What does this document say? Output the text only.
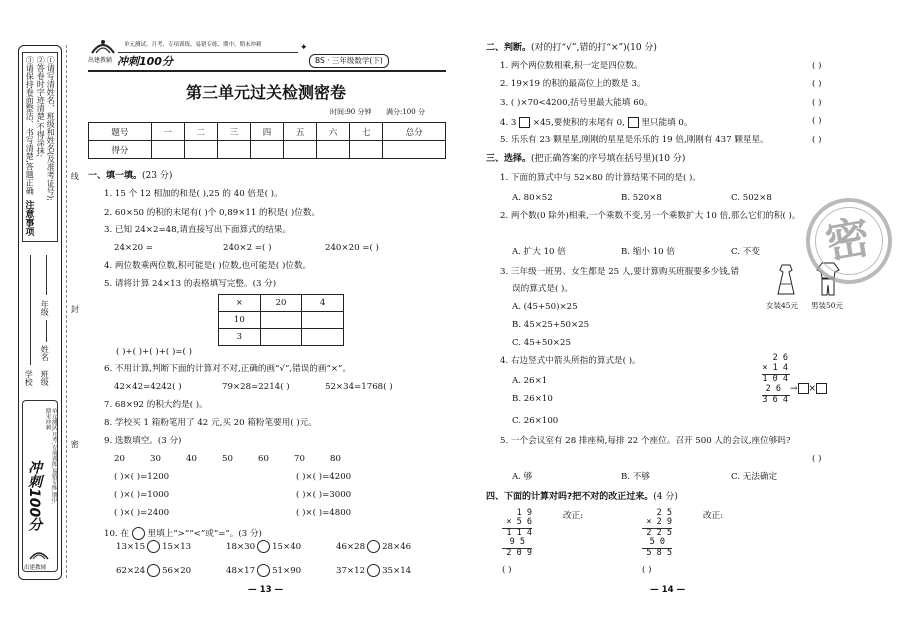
注意事项
①请写清姓名、班级和姓名(及准考证号);
②答卷时字迹清楚,不得涂抹;
③请保持卷面整洁、书写清楚,答题正确	线
封
密
年级
姓名
学校 班级
冲刺100分	单元测试,月考,专项训练,易错专练,期中,期末冲刺
出建教辅
出建教辅 冲刺100分
单元测试、月考、专项训练、易错专练、期中、期末冲刺	✦
BS · 三年级数学(下)
第三单元过关检测密卷
时间:90 分钟 满分:100 分
题号	一	二	三	四	五	六	七	总分
得分								
一、填一填。(23 分)
1. 15 个 12 相加的和是( ),25 的 40 倍是( )。
2. 60×50 的积的末尾有( )个 0,89×11 的积是( )位数。
3. 已知 24×2=48,请直接写出下面算式的结果。
24×20 =	240×2 =( )	240×20 =( )
4. 两位数乘两位数,积可能是( )位数,也可能是( )位数。
5. 请将计算 24×13 的表格填写完整。(3 分)
×	20	4
10		
3		
( )+( )+( )+( )=( )
6. 不用计算,判断下面的计算对不对,正确的画“√”,错误的画“×”。
42×42=4242( )	79×28=2214( )	52×34=1768( )
7. 68×92 的积大约是( )。
8. 学校买 1 箱粉笔用了 42 元,买 20 箱粉笔要用( )元。
9. 选数填空。(3 分)
20	30	40	50	60	70	80
( )×( )=1200	( )×( )=4200
( )×( )=1000	( )×( )=3000
( )×( )=2400	( )×( )=4800
10. 在 里填上“>”“<”或“=”。(3 分)
13×15 15×13	18×30 15×40	46×28 28×46
62×24 56×20	48×17 51×90	37×12 35×14
— 13 —
二、判断。(对的打“√”,错的打“×”)(10 分)
1. 两个两位数相乘,积一定是四位数。	( )
2. 19×19 的积的最高位上的数是 3。	( )
3. ( )×70<4200,括号里最大能填 60。	( )
4. 3 ×45,要使积的末尾有 0, 里只能填 0。	( )
5. 乐乐有 23 颗星星,刚刚的星星是乐乐的 19 倍,刚刚有 437 颗星星。	( )
三、选择。(把正确答案的序号填在括号里)(10 分)
1. 下面的算式中与 52×80 的计算结果不同的是( )。
A. 80×52	B. 520×8	C. 502×8
2. 两个数(0 除外)相乘,一个乘数不变,另一个乘数扩大 10 倍,那么它们的积( )。
A. 扩大 10 倍	B. 缩小 10 倍	C. 不变
3. 三年级一班男、女生都是 25 人,要计算购买班服要多少钱,错
误的算式是( )。
A. (45+50)×25
B. 45×25+50×25
C. 45+50×25
女装45元 男装50元
4. 右边竖式中箭头所指的算式是( )。
A. 26×1
B. 26×10
C. 26×100
2 6
× 1 4
1 0 4
2 6
3 6 4
→ ×
5. 一个会议室有 28 排座椅,每排 22 个座位。召开 500 人的会议,座位够吗?
( )
A. 够	B. 不够	C. 无法确定
四、下面的计算对吗?把不对的改正过来。(4 分)
1 9
× 5 6
1 1 4
9 5
2 0 9
改正:
( )
2 5
× 2 9
2 2 5
5 0
5 8 5
改正:
( )
— 14 —
密
